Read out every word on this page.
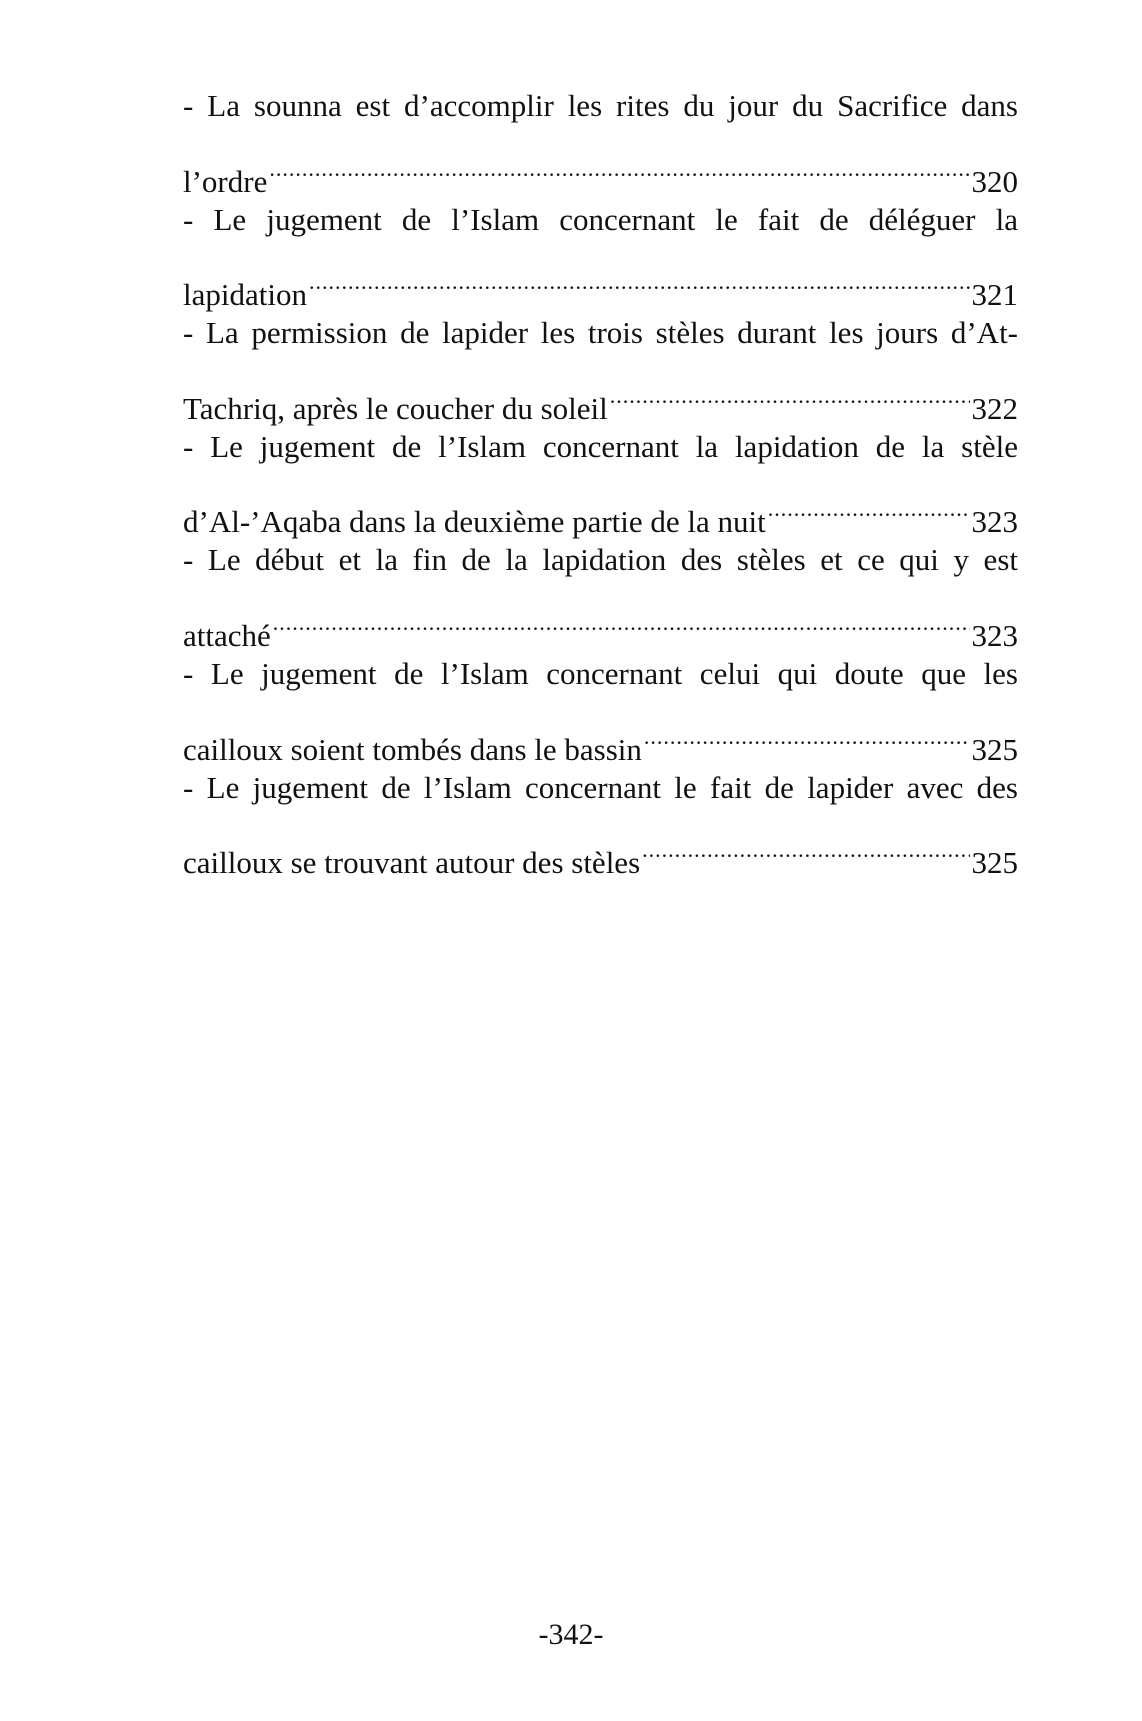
- La sounna est d’accomplir les rites du jour du Sacrifice dans
l’ordre .....	320
- Le jugement de l’Islam concernant le fait de déléguer la
lapidation .....	321
- La permission de lapider les trois stèles durant les jours d’At-
Tachriq, après le coucher du soleil .....	322
- Le jugement de l’Islam concernant la lapidation de la stèle
d’Al-’Aqaba dans la deuxième partie de la nuit .....	323
- Le début et la fin de la lapidation des stèles et ce qui y est
attaché .....	323
- Le jugement de l’Islam concernant celui qui doute que les
cailloux soient tombés dans le bassin .....	325
- Le jugement de l’Islam concernant le fait de lapider avec des
cailloux se trouvant autour des stèles .....	325
-342-
